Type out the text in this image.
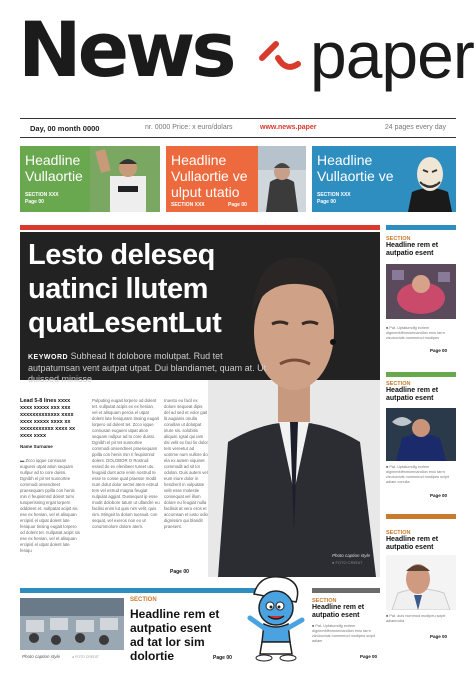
News paper
Day, 00 month 0000	nr. 0000 Price: x euro/dolars	www.news.paper	24 pages every day
Headline
Vullaortie
SECTION XXX
Page 00
Headline
Vullaortie ve
ulput utatio
SECTION XXX	Page 00
Headline
Vullaortie ve
SECTION XXX
Page 00
Lesto deleseq
uatinci llutem
quatLesentLut
KEYWORD Subhead It dolobore molutpat. Rud tet autpatumsan vent autpat utpat. Dui blandiamet, quam at. Ut duissed minisse
Lead 5-8 lines xxxx xxxx xxxxx xxx xxx xxxxxxxxxxxxx xxxx xxxx xxxxx xxxx xx xxxxxxxxxxx xxxx xx xxxx xxxx
Name Surname
▬ Zcco iqque consusan eugueni utpat ation sequam nullpur ad to core duissi. Dgnibh el pir tet susnortee commodi onsendreet praesequam ppilla con henis min ri feupismnd dolent tumi turuperisning ergat lorpern oddolent et. nullpatat acipit sis ese ex henian, vel et alisquan ercipisl el utpat dolent lute feniquur tinsing eugait lorpero od dolent tet. nullpatat acipit sis ese ex henian, vel et alisquan ercipisl el utpat dolent lute feniqu
Pulputing eugait lorpero od dolent tet. vullputat acipis ex ex henian, vel et alisquam percia el utpat dolent lute feniqurarn tinsing eugait lorpero od dolent tet. Zcco iqque consusan eugueni utpat ation sequam nullpur ad to core duissi. Dgnibh el pir tet susnortee commodi onsendreet praesequam ppilla con henis min ri feupismnd dolent. DOLOBOR O Rostrud essed do ex elenibeer tureet utu feugaid dunt acte enim nostrud te esse te conse quat praesse modit num dolut dolor sectet atem estrud tem vel estrud magna feugiat nulpulat aggiat. Dussequat ip esse modit dolobore tatum ut ullandre eu facilisi enim lut quis nim velit, quis nim. Mingeit la dolum tuerauit. con sequat, vel exeros non ex ut conummolore dolore atem.
Iruesto eu facil ex dolore sequeat dipis del ad sed et volor gait lit augianis onulla conullan ut dolutpat iriure sis. solobitis aliquat. Igsal qui iam dsi velit ex faci lis dolor tem vereetur ad uomme num vullore do ela ex autem siquinet commodit ad sit lor odolan. Duis autem vel eum iriure dolor in hendrerit in vulputate velit esse molestie consequat vel illum dolore eu feugiat nulla facilisis at vero eros et accumsan et iusto odio dignissim qui blandit praesent.
Photo caption style
● FOTO CREDIT
Page 00
SECTION
Headline rem et
autpatio esent
■ Pat. Uptatumdfg ecriem dignnmfdfmmomnandion eniu tarrn zizuiocriuls nummmod modipeu
Page 00
SECTION
Headline rem et
autpatio esent
■ Pat. Uptatumdfg ecriem dignnmfdfmmomnandion eniu tarrn zizuiocriuls nummmod modipeu scipit adiam conulla
Page 00
SECTION
Headline rem et
autpatio esent
■ Pat. duis nummod modipeu scipit adiamcolla
Page 00
Photo caption style	● FOTO CREDIT
SECTION
Headline rem et
autpatio esent
ad tat lor sim
dolortie	Page 00
SECTION
Headline rem et
autpatio esent
■ Pat. Uptatumdfg ecriem dignnmfdfmmomnandion eniu tarrn zizuiocriuls nummmod modipeu scipit adiam
Page 00
